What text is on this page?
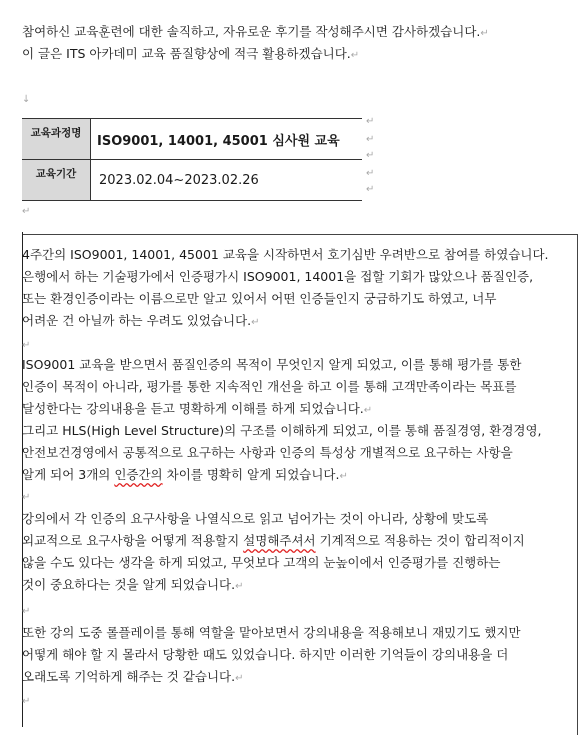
참여하신 교육훈련에 대한 솔직하고, 자유로운 후기를 작성해주시면 감사하겠습니다.↵
이 글은 ITS 아카데미 교육 품질향상에 적극 활용하겠습니다.↵
↓
교육과정명	ISO9001, 14001, 45001 심사원 교육
교육기간	2023.02.04~2023.02.26
↵
↵
↵
↵
↵
↵
4주간의 ISO9001, 14001, 45001 교육을 시작하면서 호기심반 우려반으로 참여를 하였습니다.
은행에서 하는 기술평가에서 인증평가시 ISO9001, 14001을 접할 기회가 많았으나 품질인증,
또는 환경인증이라는 이름으로만 알고 있어서 어떤 인증들인지 궁금하기도 하였고, 너무
어려운 건 아닐까 하는 우려도 있었습니다.↵
↵
ISO9001 교육을 받으면서 품질인증의 목적이 무엇인지 알게 되었고, 이를 통해 평가를 통한
인증이 목적이 아니라, 평가를 통한 지속적인 개선을 하고 이를 통해 고객만족이라는 목표를
달성한다는 강의내용을 듣고 명확하게 이해를 하게 되었습니다.↵
그리고 HLS(High Level Structure)의 구조를 이해하게 되었고, 이를 통해 품질경영, 환경경영,
안전보건경영에서 공통적으로 요구하는 사항과 인증의 특성상 개별적으로 요구하는 사항을
알게 되어 3개의 인증간의 차이를 명확히 알게 되었습니다.↵
↵
강의에서 각 인증의 요구사항을 나열식으로 읽고 넘어가는 것이 아니라, 상황에 맞도록
외교적으로 요구사항을 어떻게 적용할지 설명해주셔서 기계적으로 적용하는 것이 합리적이지
않을 수도 있다는 생각을 하게 되었고, 무엇보다 고객의 눈높이에서 인증평가를 진행하는
것이 중요하다는 것을 알게 되었습니다.↵
↵
또한 강의 도중 롤플레이를 통해 역할을 맡아보면서 강의내용을 적용해보니 재밌기도 했지만
어떻게 해야 할 지 몰라서 당황한 때도 있었습니다. 하지만 이러한 기억들이 강의내용을 더
오래도록 기억하게 해주는 것 같습니다.↵
↵
